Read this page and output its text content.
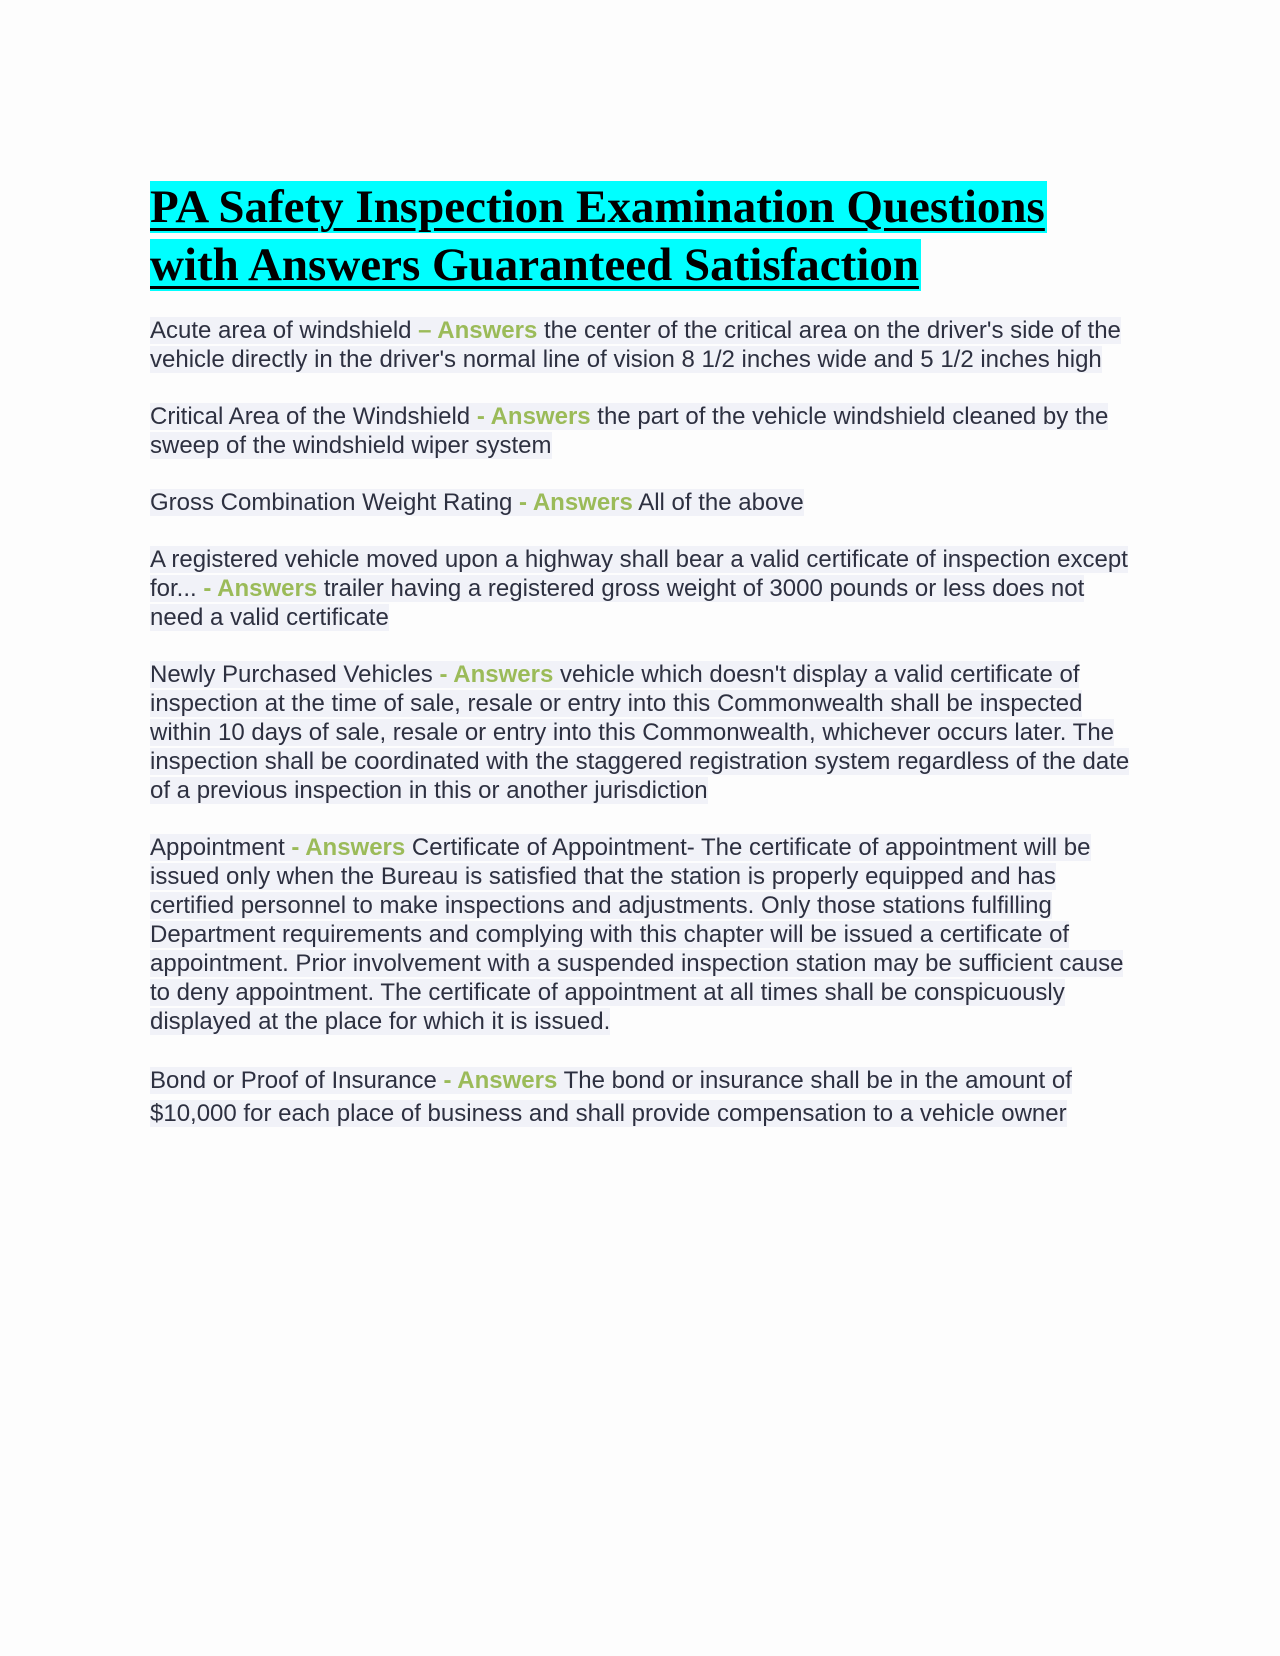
PA Safety Inspection Examination Questions
with Answers Guaranteed Satisfaction

Acute area of windshield – Answers the center of the critical area on the driver's side of the vehicle directly in the driver's normal line of vision 8 1/2 inches wide and 5 1/2 inches high

Critical Area of the Windshield - Answers the part of the vehicle windshield cleaned by the sweep of the windshield wiper system

Gross Combination Weight Rating - Answers All of the above

A registered vehicle moved upon a highway shall bear a valid certificate of inspection except for... - Answers trailer having a registered gross weight of 3000 pounds or less does not need a valid certificate

Newly Purchased Vehicles - Answers vehicle which doesn't display a valid certificate of inspection at the time of sale, resale or entry into this Commonwealth shall be inspected within 10 days of sale, resale or entry into this Commonwealth, whichever occurs later. The inspection shall be coordinated with the staggered registration system regardless of the date of a previous inspection in this or another jurisdiction

Appointment - Answers Certificate of Appointment- The certificate of appointment will be issued only when the Bureau is satisfied that the station is properly equipped and has certified personnel to make inspections and adjustments. Only those stations fulfilling Department requirements and complying with this chapter will be issued a certificate of appointment. Prior involvement with a suspended inspection station may be sufficient cause to deny appointment. The certificate of appointment at all times shall be conspicuously displayed at the place for which it is issued.

Bond or Proof of Insurance - Answers The bond or insurance shall be in the amount of $10,000 for each place of business and shall provide compensation to a vehicle owner
